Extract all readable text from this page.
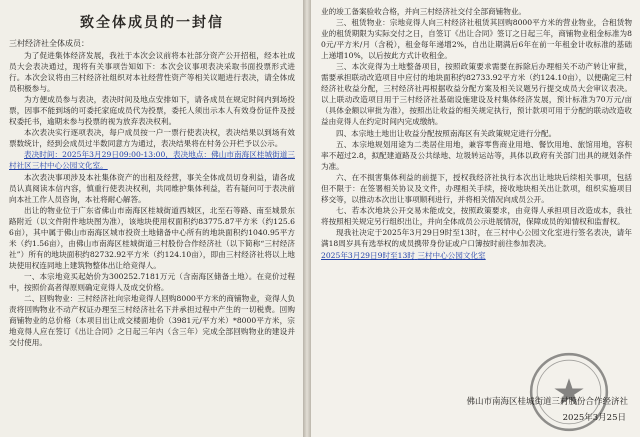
致全体成员的一封信
三村经济社全体成员：

为了促进集体经济发展，我社于本次会议前将本社部分资产公开招租，经本社成员大会表决通过，现将有关事项告知如下：本次会议事项表决采取书面投票形式进行。本次会议将由三村经济社组织对本社经营性资产等相关议题进行表决，请全体成员积极参与。

为方便成员参与表决，表决时间及地点安排如下，请各成员在规定时间内到场投票，因事不能到场的可委托家庭成员代为投票，委托人须出示本人有效身份证件及授权委托书，逾期未参与投票的视为放弃表决权利。

本次表决实行逐项表决，每户成员按一户一票行使表决权，表决结果以到场有效票数统计，经到会成员过半数同意方为通过，表决结果将在村务公开栏予以公示。

表决时间：2025年3月29日09:00-13:00，表决地点：佛山市南海区桂城街道三村社区三村中心公园文化室。

本次表决事项涉及本社集体资产的出租及经营，事关全体成员切身利益，请各成员认真阅读本信内容，慎重行使表决权利，共同维护集体利益，若有疑问可于表决前向本社工作人员咨询，本社将耐心解答。

出让的物业位于广东省佛山市南海区桂城街道西城区，北至石等路、南至城景东路附近（以文件附件地块图为准），该地块使用权面积约83775.87平方米（约125.66亩），其中属于佛山市南海区城市投资土地储备中心所有的地块面积约1040.95平方米（约1.56亩），由佛山市南海区桂城街道三村股份合作经济社（以下简称“三村经济社”）所有的地块面积约82732.92平方米（约124.10亩），即由三村经济社将以上地块使用权连同地上建筑物整体出让给竞得人。

一、本宗地竞买起始价为300252.7181万元（含南海区储备土地）。在竞价过程中，按照价高者得原则确定竞得人及成交价格。

二、回购物业：三村经济社向宗地竞得人回购8000平方米的商铺物业，竞得人负责将回购物业不动产权证办理至三村经济社名下并承担过程中产生的一切税费。回购商铺物业的总价格（本项目出让成交楼面地价（3981元/平方米）*8000平方米，宗地竞得人应在签订《出让合同》之日起三年内（含三年）完成全部回购物业的建设并交付使用。

业的竣工备案验收合格，并向三村经济社交付全部商铺物业。

三、租赁物业：宗地竞得人向三村经济社租赁其回购8000平方米的营业物业，合租赁物业的租赁期限为实际交付之日，自签订《出让合同》签订之日起三年，商铺物业租金标准为80元/平方米/月（含税），租金每年递增2%，自出让期满后6年在前一年租金计收标准的基础上递增10%，以后按此方式计收租金。

三、本次竞得为土地整备项目，按照政策要求需要在拆除后办理相关不动产转让审批，需要承担联动改造项目中应付的地块面积约82733.92平方米（约124.10亩），以便确定三村经济社收益分配，三村经济社再根据收益分配方案及相关议题另行提交成员大会审议表决。以上联动改造项目用于三村经济社基础设施建设及村集体经济发展，预计标准为70万元/亩（具体金额以审批为准），按照出让收益的相关规定执行，预计款项可用于分配的联动改造收益由竞得人在约定时间内完成缴纳。

四、本宗地土地出让收益分配按照南海区有关政策规定进行分配。

五、本宗地规划用途为二类居住用地，兼容零售商业用地、餐饮用地、旅馆用地，容积率不超过2.8，拟配建道路及公共绿地、垃圾转运站等，具体以政府有关部门出具的规划条件为准。

六、在不损害集体利益的前提下，授权我经济社执行本次出让地块后续相关事项，包括但不限于：在签署相关协议及文件，办理相关手续，接收地块相关出让款项，组织实施项目移交等，以推动本次出让事项顺利进行，并将相关情况向成员公开。

七、若本次地块公开交易未能成交，按照政策要求，由竞得人承担项目改造成本，我社将按照相关规定另行组织出让，并向全体成员公示进展情况，保障成员的知情权和监督权。

现我社决定于2025年3月29日9时至13时，在三村中心公园文化室进行签名表决，请年满18周岁具有选举权的成员携带身份证或户口簿按时前往参加表决。

2025年3月29日9时至13时 三村中心公园文化室

佛山市南海区桂城街道三村股份合作经济社
2025年3月25日
